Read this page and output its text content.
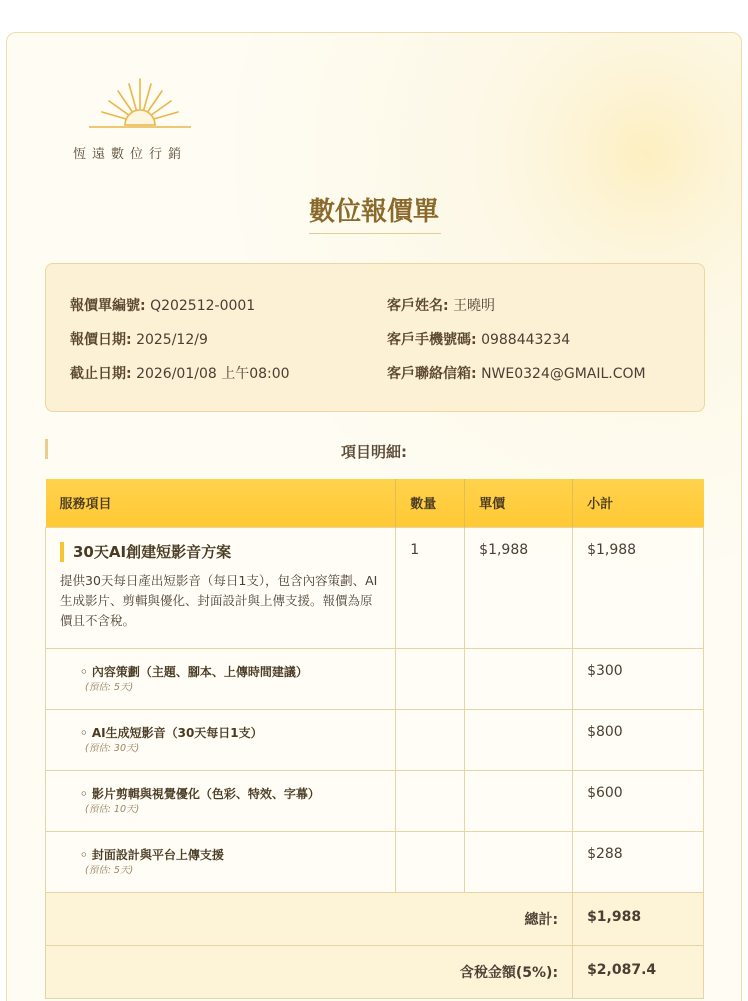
恆遠數位行銷
數位報價單
報價單編號: Q202512-0001
報價日期: 2025/12/9
截止日期: 2026/01/08 上午08:00
客戶姓名: 王曉明
客戶手機號碼: 0988443234
客戶聯絡信箱: NWE0324@GMAIL.COM
項目明細:
服務項目	數量	單價	小計

30天AI創建短影音方案
提供30天每日產出短影音（每日1支），包含內容策劃、AI生成影片、剪輯與優化、封面設計與上傳支援。報價為原價且不含稅。	1	$1,988	$1,988

◦ 內容策劃（主題、腳本、上傳時間建議）
(預估: 5天)			$300

◦ AI生成短影音（30天每日1支）
(預估: 30天)			$800

◦ 影片剪輯與視覺優化（色彩、特效、字幕）
(預估: 10天)			$600

◦ 封面設計與平台上傳支援
(預估: 5天)			$288
總計:			$1,988
含稅金額(5%):			$2,087.4
